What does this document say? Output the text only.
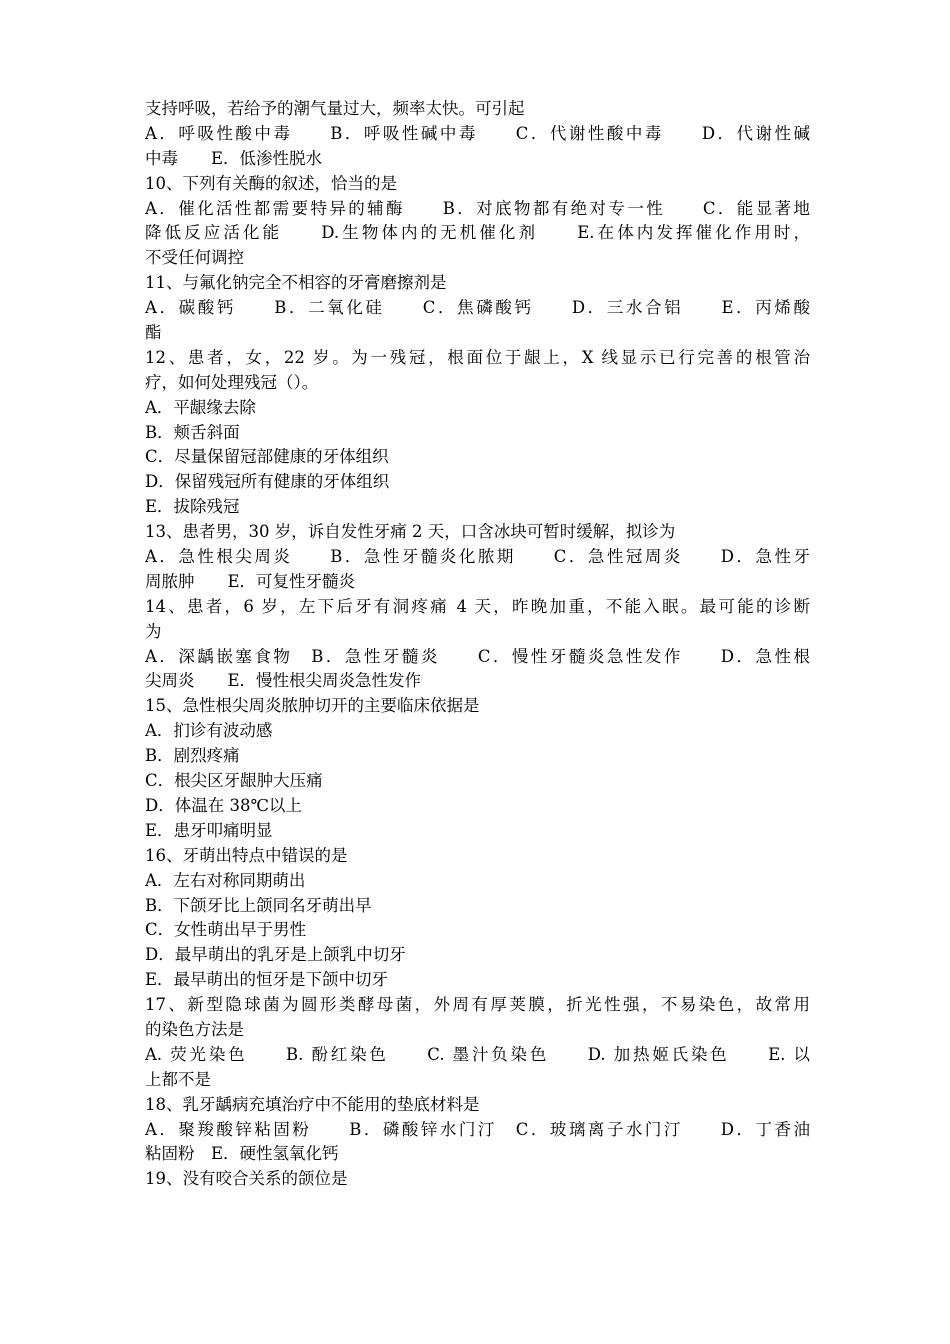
支持呼吸，若给予的潮气量过大，频率太快。可引起
A．呼吸性酸中毒　　B．呼吸性碱中毒　　C．代谢性酸中毒　　D．代谢性碱
中毒　　E．低渗性脱水
10、下列有关酶的叙述，恰当的是
A．催化活性都需要特异的辅酶　　B．对底物都有绝对专一性　　C．能显著地
降低反应活化能　　D.生物体内的无机催化剂　　E.在体内发挥催化作用时，
不受任何调控
11、与氟化钠完全不相容的牙膏磨擦剂是
A．碳酸钙　　B．二氧化硅　　C．焦磷酸钙　　D．三水合铝　　E．丙烯酸
酯
12、患者，女，22 岁。为一残冠，根面位于龈上，X 线显示已行完善的根管治
疗，如何处理残冠（）。
A．平龈缘去除
B．颊舌斜面
C．尽量保留冠部健康的牙体组织
D．保留残冠所有健康的牙体组织
E．拔除残冠
13、患者男，30 岁，诉自发性牙痛 2 天，口含冰块可暂时缓解，拟诊为
A．急性根尖周炎　　B．急性牙髓炎化脓期　　C．急性冠周炎　　D．急性牙
周脓肿　　E．可复性牙髓炎
14、患者，6 岁，左下后牙有洞疼痛 4 天，昨晚加重，不能入眠。最可能的诊断
为
A．深龋嵌塞食物　B．急性牙髓炎　　C．慢性牙髓炎急性发作　　D．急性根
尖周炎　　E．慢性根尖周炎急性发作
15、急性根尖周炎脓肿切开的主要临床依据是
A．扪诊有波动感
B．剧烈疼痛
C．根尖区牙龈肿大压痛
D．体温在 38℃以上
E．患牙叩痛明显
16、牙萌出特点中错误的是
A．左右对称同期萌出
B．下颌牙比上颌同名牙萌出早
C．女性萌出早于男性
D．最早萌出的乳牙是上颌乳中切牙
E．最早萌出的恒牙是下颌中切牙
17、新型隐球菌为圆形类酵母菌，外周有厚荚膜，折光性强，不易染色，故常用
的染色方法是
A. 荧光染色　　B. 酚红染色　　C. 墨汁负染色　　D. 加热姬氏染色　　E. 以
上都不是
18、乳牙龋病充填治疗中不能用的垫底材料是
A．聚羧酸锌粘固粉　　B．磷酸锌水门汀　C．玻璃离子水门汀　　D．丁香油
粘固粉　E．硬性氢氧化钙
19、没有咬合关系的颌位是
